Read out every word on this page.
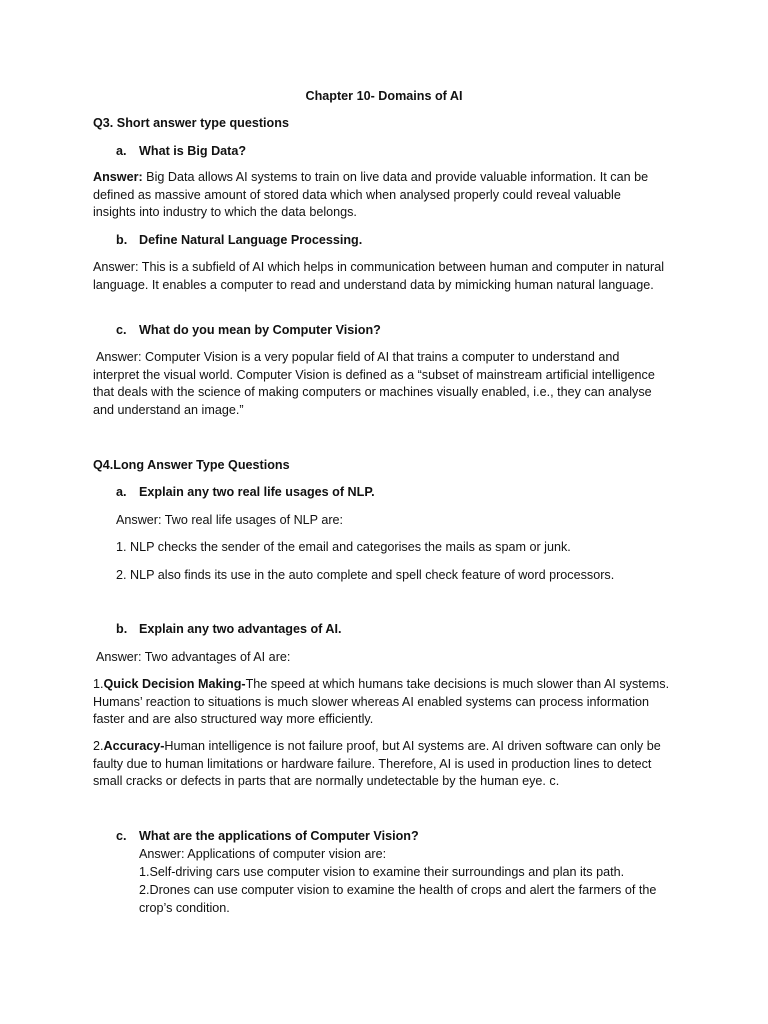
Chapter 10- Domains of AI
Q3. Short answer type questions
a. What is Big Data?
Answer: Big Data allows AI systems to train on live data and provide valuable information. It can be defined as massive amount of stored data which when analysed properly could reveal valuable insights into industry to which the data belongs.
b. Define Natural Language Processing.
Answer: This is a subfield of AI which helps in communication between human and computer in natural language. It enables a computer to read and understand data by mimicking human natural language.
c. What do you mean by Computer Vision?
Answer: Computer Vision is a very popular field of AI that trains a computer to understand and interpret the visual world. Computer Vision is defined as a “subset of mainstream artificial intelligence that deals with the science of making computers or machines visually enabled, i.e., they can analyse and understand an image.”
Q4.Long Answer Type Questions
a. Explain any two real life usages of NLP.
Answer: Two real life usages of NLP are:
1. NLP checks the sender of the email and categorises the mails as spam or junk.
2. NLP also finds its use in the auto complete and spell check feature of word processors.
b. Explain any two advantages of AI.
Answer: Two advantages of AI are:
1.Quick Decision Making-The speed at which humans take decisions is much slower than AI systems. Humans’ reaction to situations is much slower whereas AI enabled systems can process information faster and are also structured way more efficiently.
2.Accuracy-Human intelligence is not failure proof, but AI systems are. AI driven software can only be faulty due to human limitations or hardware failure. Therefore, AI is used in production lines to detect small cracks or defects in parts that are normally undetectable by the human eye. c.
c. What are the applications of Computer Vision?
Answer: Applications of computer vision are:
1.Self-driving cars use computer vision to examine their surroundings and plan its path.
2.Drones can use computer vision to examine the health of crops and alert the farmers of the crop’s condition.
